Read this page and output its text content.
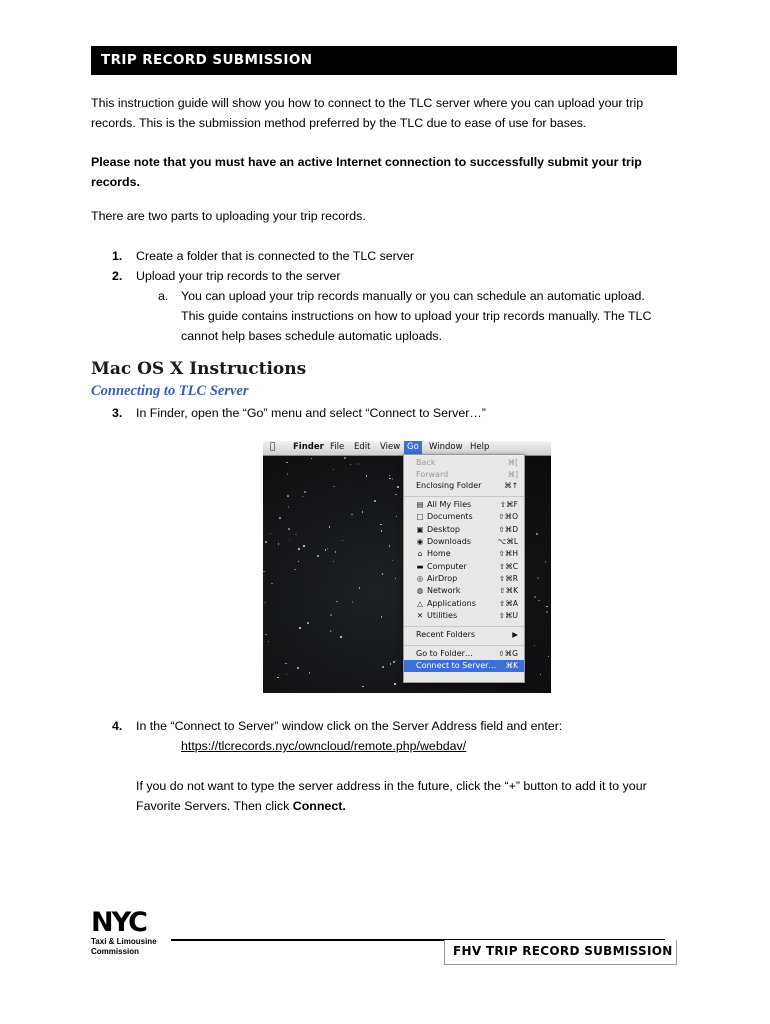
TRIP RECORD SUBMISSION
This instruction guide will show you how to connect to the TLC server where you can upload your trip
records. This is the submission method preferred by the TLC due to ease of use for bases.
Please note that you must have an active Internet connection to successfully submit your trip records.
There are two parts to uploading your trip records.
1. Create a folder that is connected to the TLC server
2. Upload your trip records to the server
a. You can upload your trip records manually or you can schedule an automatic upload.
This guide contains instructions on how to upload your trip records manually. The TLC
cannot help bases schedule automatic uploads.
Mac OS X Instructions
Connecting to TLC Server
3. In Finder, open the “Go” menu and select “Connect to Server…”
Finder File Edit View Go	Window Help
Back	⌘[
Forward	⌘]
Enclosing Folder	⌘↑
▤ All My Files	⇧⌘F
□ Documents	⇧⌘O
▣ Desktop	⇧⌘D
◉ Downloads	⌥⌘L
⌂ Home	⇧⌘H
▬ Computer	⇧⌘C
◎ AirDrop	⇧⌘R
◍ Network	⇧⌘K
△ Applications	⇧⌘A
✕ Utilities	⇧⌘U
Recent Folders	▶
Go to Folder…	⇧⌘G
Connect to Server… ⌘K
4. In the “Connect to Server” window click on the Server Address field and enter:
https://tlcrecords.nyc/owncloud/remote.php/webdav/
If you do not want to type the server address in the future, click the “+” button to add it to your
Favorite Servers. Then click Connect.
NYC
Taxi & Limousine
Commission	FHV TRIP RECORD SUBMISSION
